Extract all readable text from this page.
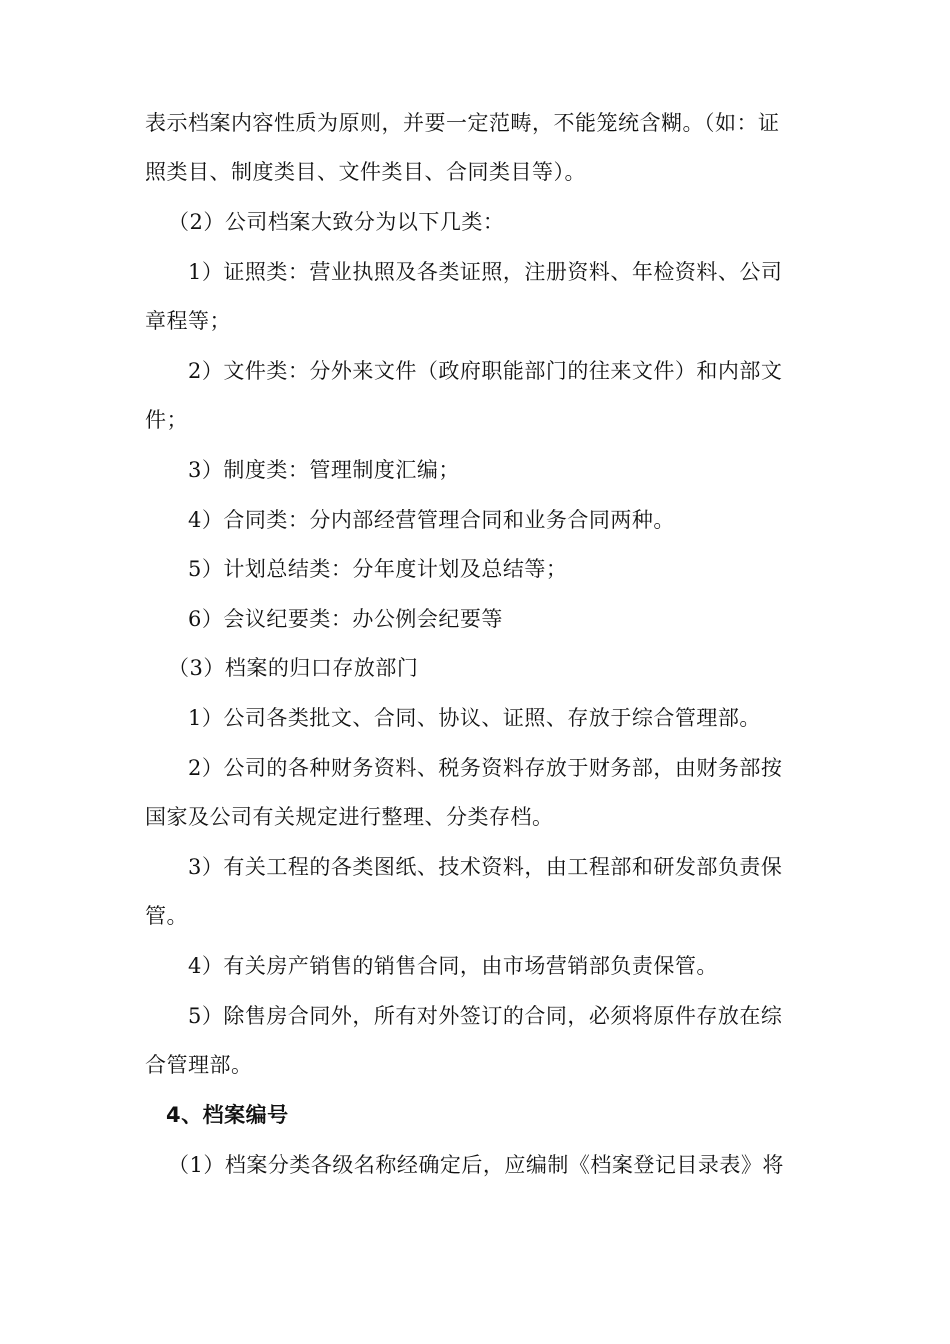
表示档案内容性质为原则，并要一定范畴，不能笼统含糊。（如：证
照类目、制度类目、文件类目、合同类目等）。
（2）公司档案大致分为以下几类：
1）证照类：营业执照及各类证照，注册资料、年检资料、公司
章程等；
2）文件类：分外来文件（政府职能部门的往来文件）和内部文
件；
3）制度类：管理制度汇编；
4）合同类：分内部经营管理合同和业务合同两种。
5）计划总结类：分年度计划及总结等；
6）会议纪要类：办公例会纪要等
（3）档案的归口存放部门
1）公司各类批文、合同、协议、证照、存放于综合管理部。
2）公司的各种财务资料、税务资料存放于财务部，由财务部按
国家及公司有关规定进行整理、分类存档。
3）有关工程的各类图纸、技术资料，由工程部和研发部负责保
管。
4）有关房产销售的销售合同，由市场营销部负责保管。
5）除售房合同外，所有对外签订的合同，必须将原件存放在综
合管理部。
4、档案编号
（1）档案分类各级名称经确定后，应编制《档案登记目录表》将
